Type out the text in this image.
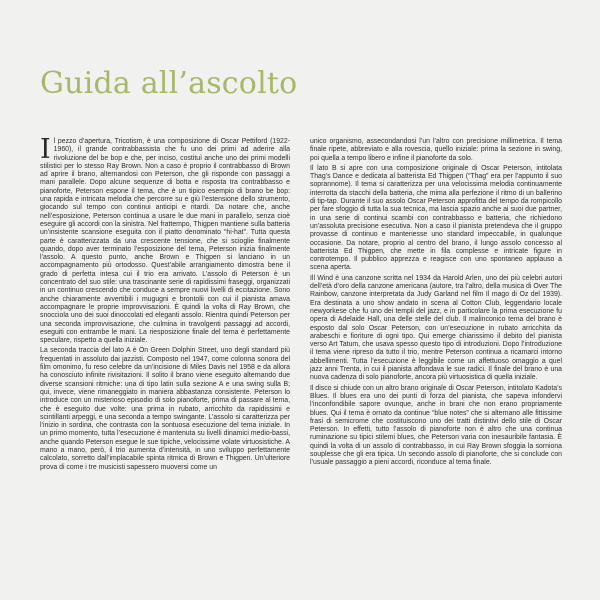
Guida all’ascolto

Il pezzo d’apertura, Tricotism, è una composizione di Oscar Pettiford (1922-1960), il grande contrabbassista che fu uno dei primi ad aderire alla rivoluzione del be bop e che, per inciso, costituì anche uno dei primi modelli stilistici per lo stesso Ray Brown. Non a caso è proprio il contrabbasso di Brown ad aprire il brano, alternandosi con Peterson, che gli risponde con passaggi a mani parallele. Dopo alcune sequenze di botta e risposta tra contrabbasso e pianoforte, Peterson espone il tema, che è un tipico esempio di brano be bop: una rapida e intricata melodia che percorre su e giù l’estensione dello strumento, giocando sul tempo con continui anticipi e ritardi. Da notare che, anche nell’esposizione, Peterson continua a usare le due mani in parallelo, senza cioè eseguire gli accordi con la sinistra. Nel frattempo, Thigpen mantiene sulla batteria un’insistente scansione eseguita con il piatto denominato “hi-hat”. Tutta questa parte è caratterizzata da una crescente tensione, che si scioglie finalmente quando, dopo aver terminato l’esposizione del tema, Peterson inizia finalmente l’assolo. A questo punto, anche Brown e Thigpen si lanciano in un accompagnamento più ortodosso. Quest’abile arrangiamento dimostra bene il grado di perfetta intesa cui il trio era arrivato. L’assolo di Peterson è un concentrato del suo stile: una trascinante serie di rapidissimi fraseggi, organizzati in un continuo crescendo che conduce a sempre nuovi livelli di eccitazione. Sono anche chiaramente avvertibili i mugugni e brontolii con cui il pianista amava accompagnare le proprie improvvisazioni. È quindi la volta di Ray Brown, che snocciola uno dei suoi dinoccolati ed eleganti assolo. Rientra quindi Peterson per una seconda improvvisazione, che culmina in travolgenti passaggi ad accordi, eseguiti con entrambe le mani. La riesposizione finale del tema è perfettamente speculare, rispetto a quella iniziale.

La seconda traccia del lato A è On Green Dolphin Street, uno degli standard più frequentati in assoluto dai jazzisti. Composto nel 1947, come colonna sonora del film omonimo, fu reso celebre da un’incisione di Miles Davis nel 1958 e da allora ha conosciuto infinite rivisitazioni. Il solito il brano viene eseguito alternando due diverse scansioni ritmiche: una di tipo latin sulla sezione A e una swing sulla B; qui, invece, viene rimaneggiato in maniera abbastanza consistente. Peterson lo introduce con un misterioso episodio di solo pianoforte, prima di passare al tema, che è eseguito due volte: una prima in rubato, arricchito da rapidissimi e scintillanti arpeggi, e una seconda a tempo swingante. L’assolo si caratterizza per l’inizio in sordina, che contrasta con la sontuosa esecuzione del tema iniziale. In un primo momento, tutta l’esecuzione è mantenuta su livelli dinamici medio-bassi, anche quando Peterson esegue le sue tipiche, velocissime volate virtuosistiche. A mano a mano, però, il trio aumenta d’intensità, in uno sviluppo perfettamente calcolato, sorretto dall’implacabile spinta ritmica di Brown e Thigpen. Un’ulteriore prova di come i tre musicisti sapessero muoversi come un

unico organismo, assecondandosi l’un l’altro con precisione millimetrica. Il tema finale ripete, abbreviato e alla rovescia, quello iniziale: prima la sezione in swing, poi quella a tempo libero e infine il pianoforte da solo.

Il lato B si apre con una composizione originale di Oscar Peterson, intitolata Thag’s Dance e dedicata al batterista Ed Thigpen (“Thag” era per l’appunto il suo soprannome). Il tema si caratterizza per una velocissima melodia continuamente interrotta da stacchi della batteria, che mima alla perfezione il ritmo di un ballerino di tip-tap. Durante il suo assolo Oscar Peterson approfitta del tempo da rompicollo per fare sfoggio di tutta la sua tecnica, ma lascia spazio anche ai suoi due partner, in una serie di continui scambi con contrabbasso e batteria, che richiedono un’assoluta precisione esecutiva. Non a caso il pianista pretendeva che il gruppo provasse di continuo e mantenesse uno standard impeccabile, in qualunque occasione. Da notare, proprio al centro del brano, il lungo assolo concesso al batterista Ed Thigpen, che mette in fila complesse e intricate figure in controtempo. Il pubblico apprezza e reagisce con uno spontaneo applauso a scena aperta.

Ill Wind è una canzone scritta nel 1934 da Harold Arlen, uno dei più celebri autori dell’età d’oro della canzone americana (autore, tra l’altro, della musica di Over The Rainbow, canzone interpretata da Judy Garland nel film Il mago di Oz del 1939). Era destinata a uno show andato in scena al Cotton Club, leggendario locale newyorkese che fu uno dei templi del jazz, e in particolare la prima esecuzione fu opera di Adelaide Hall, una delle stelle del club. Il malinconico tema del brano è esposto dal solo Oscar Peterson, con un’esecuzione in rubato arricchita da arabeschi e fioriture di ogni tipo. Qui emerge chiarissimo il debito del pianista verso Art Tatum, che usava spesso questo tipo di introduzioni. Dopo l’introduzione il tema viene ripreso da tutto il trio, mentre Peterson continua a ricamarci intorno abbellimenti. Tutta l’esecuzione è leggibile come un affettuoso omaggio a quel jazz anni Trenta, in cui il pianista affondava le sue radici. Il finale del brano è una nuova cadenza di solo pianoforte, ancora più virtuosistica di quella iniziale.

Il disco si chiude con un altro brano originale di Oscar Peterson, intitolato Kadota’s Blues. Il blues era uno dei punti di forza del pianista, che sapeva infondervi l’inconfondibile sapore ovunque, anche in brani che non erano propriamente blues. Qui il tema è ornato da continue “blue notes” che si alternano alle fittissime frasi di semicrome che costituiscono uno dei tratti distintivi dello stile di Oscar Peterson. In effetti, tutto l’assolo di pianoforte non è altro che una continua ruminazione su tipici stilemi blues, che Peterson varia con inesauribile fantasia. È quindi la volta di un assolo di contrabbasso, in cui Ray Brown sfoggia la sorniona souplesse che gli era tipica. Un secondo assolo di pianoforte, che si conclude con l’usuale passaggio a pieni accordi, riconduce al tema finale.
